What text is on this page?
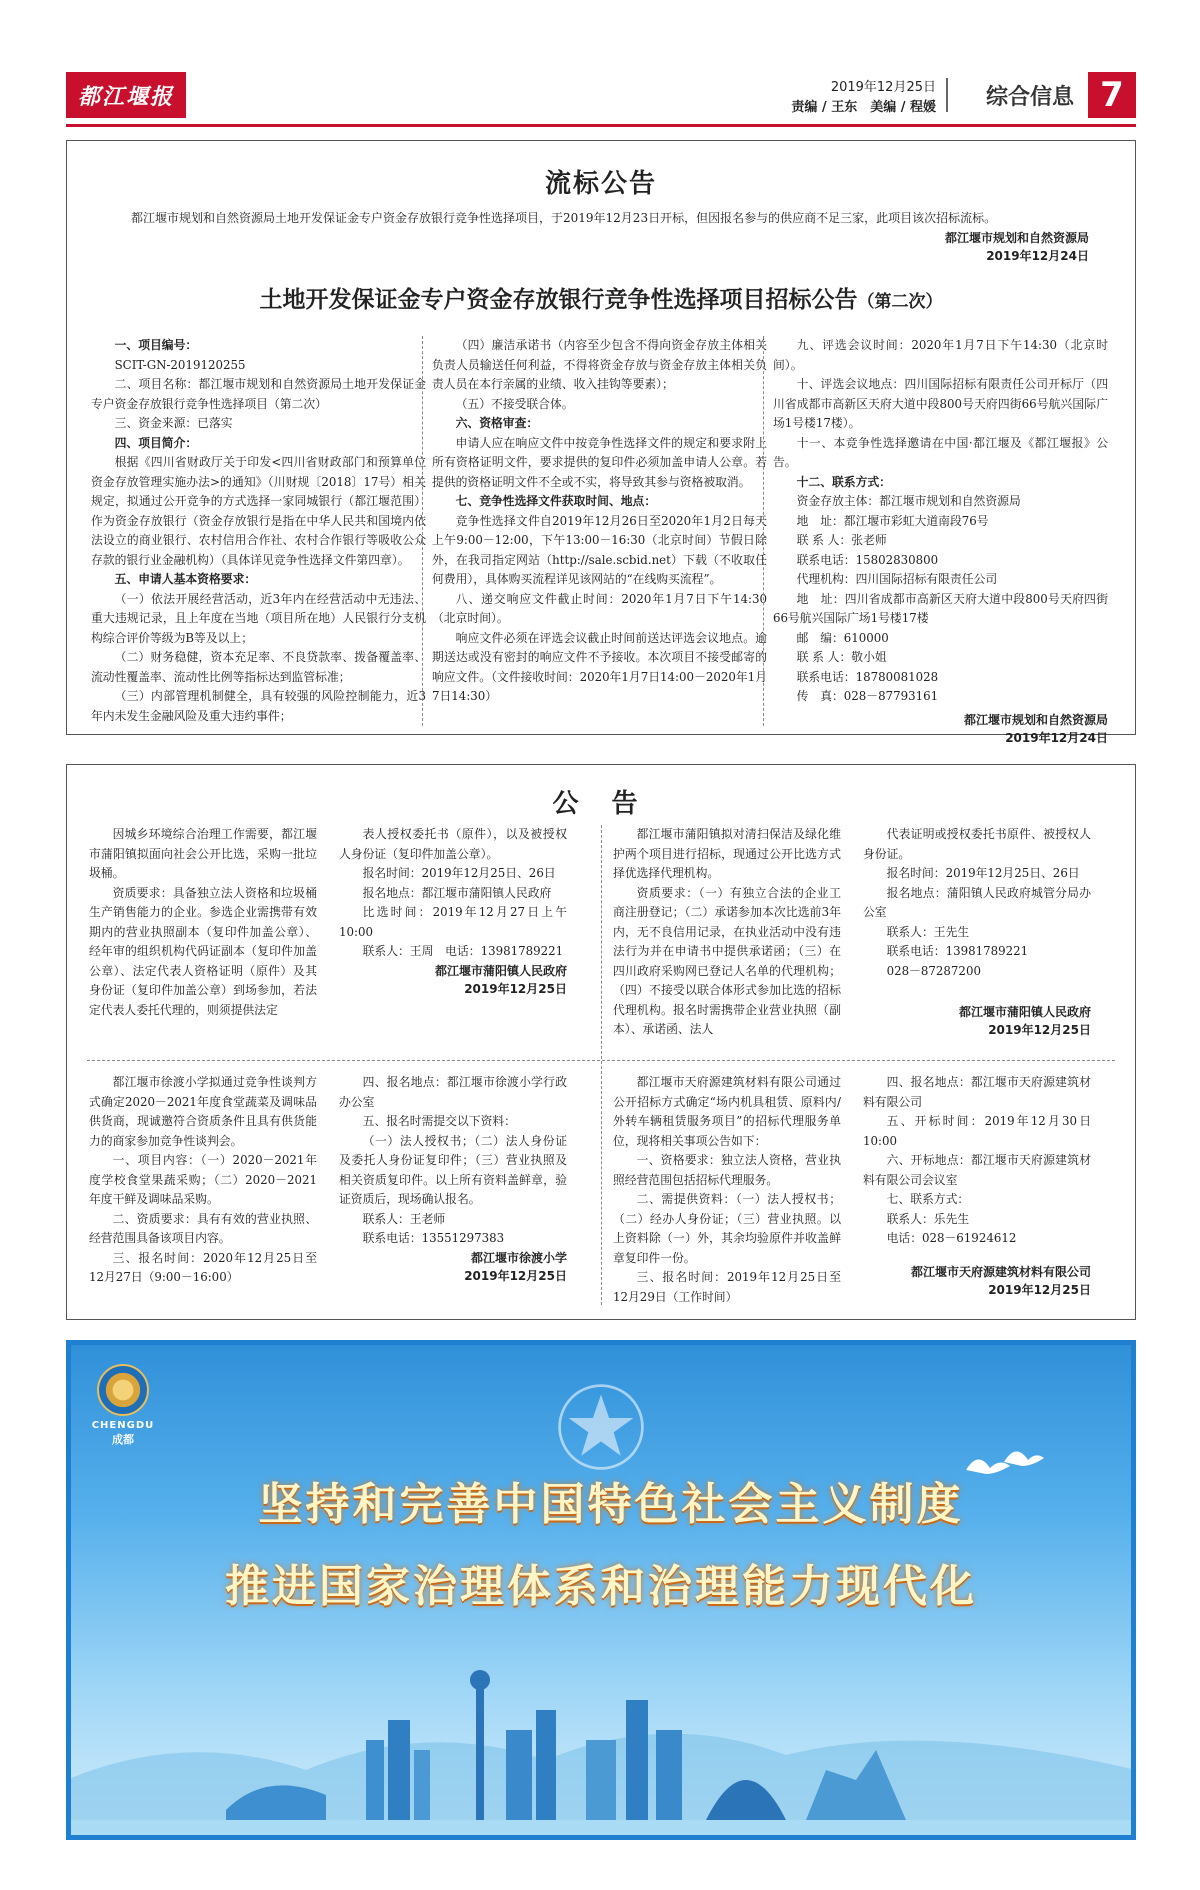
都江堰报	2019年12月25日
责编 / 王东　美编 / 程媛 综合信息 7
流标公告
都江堰市规划和自然资源局土地开发保证金专户资金存放银行竞争性选择项目，于2019年12月23日开标，但因报名参与的供应商不足三家，此项目该次招标流标。
都江堰市规划和自然资源局
2019年12月24日
土地开发保证金专户资金存放银行竞争性选择项目招标公告（第二次）

一、项目编号：

SCIT-GN-2019120255

二、项目名称：都江堰市规划和自然资源局土地开发保证金专户资金存放银行竞争性选择项目（第二次）

三、资金来源：已落实

四、项目简介：

根据《四川省财政厅关于印发<四川省财政部门和预算单位资金存放管理实施办法>的通知》（川财规〔2018〕17号）相关规定，拟通过公开竞争的方式选择一家同城银行（都江堰范围）作为资金存放银行（资金存放银行是指在中华人民共和国境内依法设立的商业银行、农村信用合作社、农村合作银行等吸收公众存款的银行业金融机构）（具体详见竞争性选择文件第四章）。

五、申请人基本资格要求：

（一）依法开展经营活动，近3年内在经营活动中无违法、重大违规记录，且上年度在当地（项目所在地）人民银行分支机构综合评价等级为B等及以上；

（二）财务稳健，资本充足率、不良贷款率、拨备覆盖率、流动性覆盖率、流动性比例等指标达到监管标准；

（三）内部管理机制健全，具有较强的风险控制能力，近3年内未发生金融风险及重大违约事件；

（四）廉洁承诺书（内容至少包含不得向资金存放主体相关负责人员输送任何利益，不得将资金存放与资金存放主体相关负责人员在本行亲属的业绩、收入挂钩等要素）；

（五）不接受联合体。

六、资格审查：

申请人应在响应文件中按竞争性选择文件的规定和要求附上所有资格证明文件，要求提供的复印件必须加盖申请人公章。若提供的资格证明文件不全或不实，将导致其参与资格被取消。

七、竞争性选择文件获取时间、地点：

竞争性选择文件自2019年12月26日至2020年1月2日每天上午9:00－12:00，下午13:00－16:30（北京时间）节假日除外，在我司指定网站（http://sale.scbid.net）下载（不收取任何费用），具体购买流程详见该网站的“在线购买流程”。

八、递交响应文件截止时间：2020年1月7日下午14:30（北京时间）。

响应文件必须在评选会议截止时间前送达评选会议地点。逾期送达或没有密封的响应文件不予接收。本次项目不接受邮寄的响应文件。（文件接收时间：2020年1月7日14:00－2020年1月7日14:30）

九、评选会议时间：2020年1月7日下午14:30（北京时间）。

十、评选会议地点：四川国际招标有限责任公司开标厅（四川省成都市高新区天府大道中段800号天府四街66号航兴国际广场1号楼17楼）。

十一、本竞争性选择邀请在中国·都江堰及《都江堰报》公告。

十二、联系方式：

资金存放主体：都江堰市规划和自然资源局

地　址：都江堰市彩虹大道南段76号

联 系 人：张老师

联系电话：15802830800

代理机构：四川国际招标有限责任公司

地　址：四川省成都市高新区天府大道中段800号天府四街66号航兴国际广场1号楼17楼

邮　编：610000

联 系 人：敬小姐

联系电话：18780081028

传　真：028－87793161

都江堰市规划和自然资源局
2019年12月24日
公 告

因城乡环境综合治理工作需要，都江堰市蒲阳镇拟面向社会公开比选，采购一批垃圾桶。

资质要求：具备独立法人资格和垃圾桶生产销售能力的企业。参选企业需携带有效期内的营业执照副本（复印件加盖公章）、经年审的组织机构代码证副本（复印件加盖公章）、法定代表人资格证明（原件）及其身份证（复印件加盖公章）到场参加，若法定代表人委托代理的，则须提供法定

表人授权委托书（原件），以及被授权人身份证（复印件加盖公章）。

报名时间：2019年12月25日、26日

报名地点：都江堰市蒲阳镇人民政府

比选时间：2019年12月27日上午10:00

联系人：王周　电话：13981789221

都江堰市蒲阳镇人民政府
2019年12月25日

都江堰市蒲阳镇拟对清扫保洁及绿化维护两个项目进行招标，现通过公开比选方式择优选择代理机构。

资质要求：（一）有独立合法的企业工商注册登记；（二）承诺参加本次比选前3年内，无不良信用记录，在执业活动中没有违法行为并在申请书中提供承诺函；（三）在四川政府采购网已登记人名单的代理机构；（四）不接受以联合体形式参加比选的招标代理机构。报名时需携带企业营业执照（副本）、承诺函、法人

代表证明或授权委托书原件、被授权人身份证。

报名时间：2019年12月25日、26日

报名地点：蒲阳镇人民政府城管分局办公室

联系人：王先生

联系电话：13981789221

028－87287200

都江堰市蒲阳镇人民政府
2019年12月25日

都江堰市徐渡小学拟通过竞争性谈判方式确定2020－2021年度食堂蔬菜及调味品供货商，现诚邀符合资质条件且具有供货能力的商家参加竞争性谈判会。

一、项目内容：（一）2020－2021年度学校食堂果蔬采购；（二）2020－2021年度干鲜及调味品采购。

二、资质要求：具有有效的营业执照、经营范围具备该项目内容。

三、报名时间：2020年12月25日至12月27日（9:00－16:00）

四、报名地点：都江堰市徐渡小学行政办公室

五、报名时需提交以下资料：

（一）法人授权书；（二）法人身份证及委托人身份证复印件；（三）营业执照及相关资质复印件。以上所有资料盖鲜章，验证资质后，现场确认报名。

联系人：王老师

联系电话：13551297383

都江堰市徐渡小学
2019年12月25日

都江堰市天府源建筑材料有限公司通过公开招标方式确定“场内机具租赁、原料内/外转车辆租赁服务项目”的招标代理服务单位，现将相关事项公告如下：

一、资格要求：独立法人资格，营业执照经营范围包括招标代理服务。

二、需提供资料：（一）法人授权书；（二）经办人身份证；（三）营业执照。以上资料除（一）外，其余均验原件并收盖鲜章复印件一份。

三、报名时间：2019年12月25日至12月29日（工作时间）

四、报名地点：都江堰市天府源建筑材料有限公司

五、开标时间：2019年12月30日10:00

六、开标地点：都江堰市天府源建筑材料有限公司会议室

七、联系方式：

联系人：乐先生

电话：028－61924612

都江堰市天府源建筑材料有限公司
2019年12月25日
CHENGDU
成都
坚持和完善中国特色社会主义制度
推进国家治理体系和治理能力现代化
